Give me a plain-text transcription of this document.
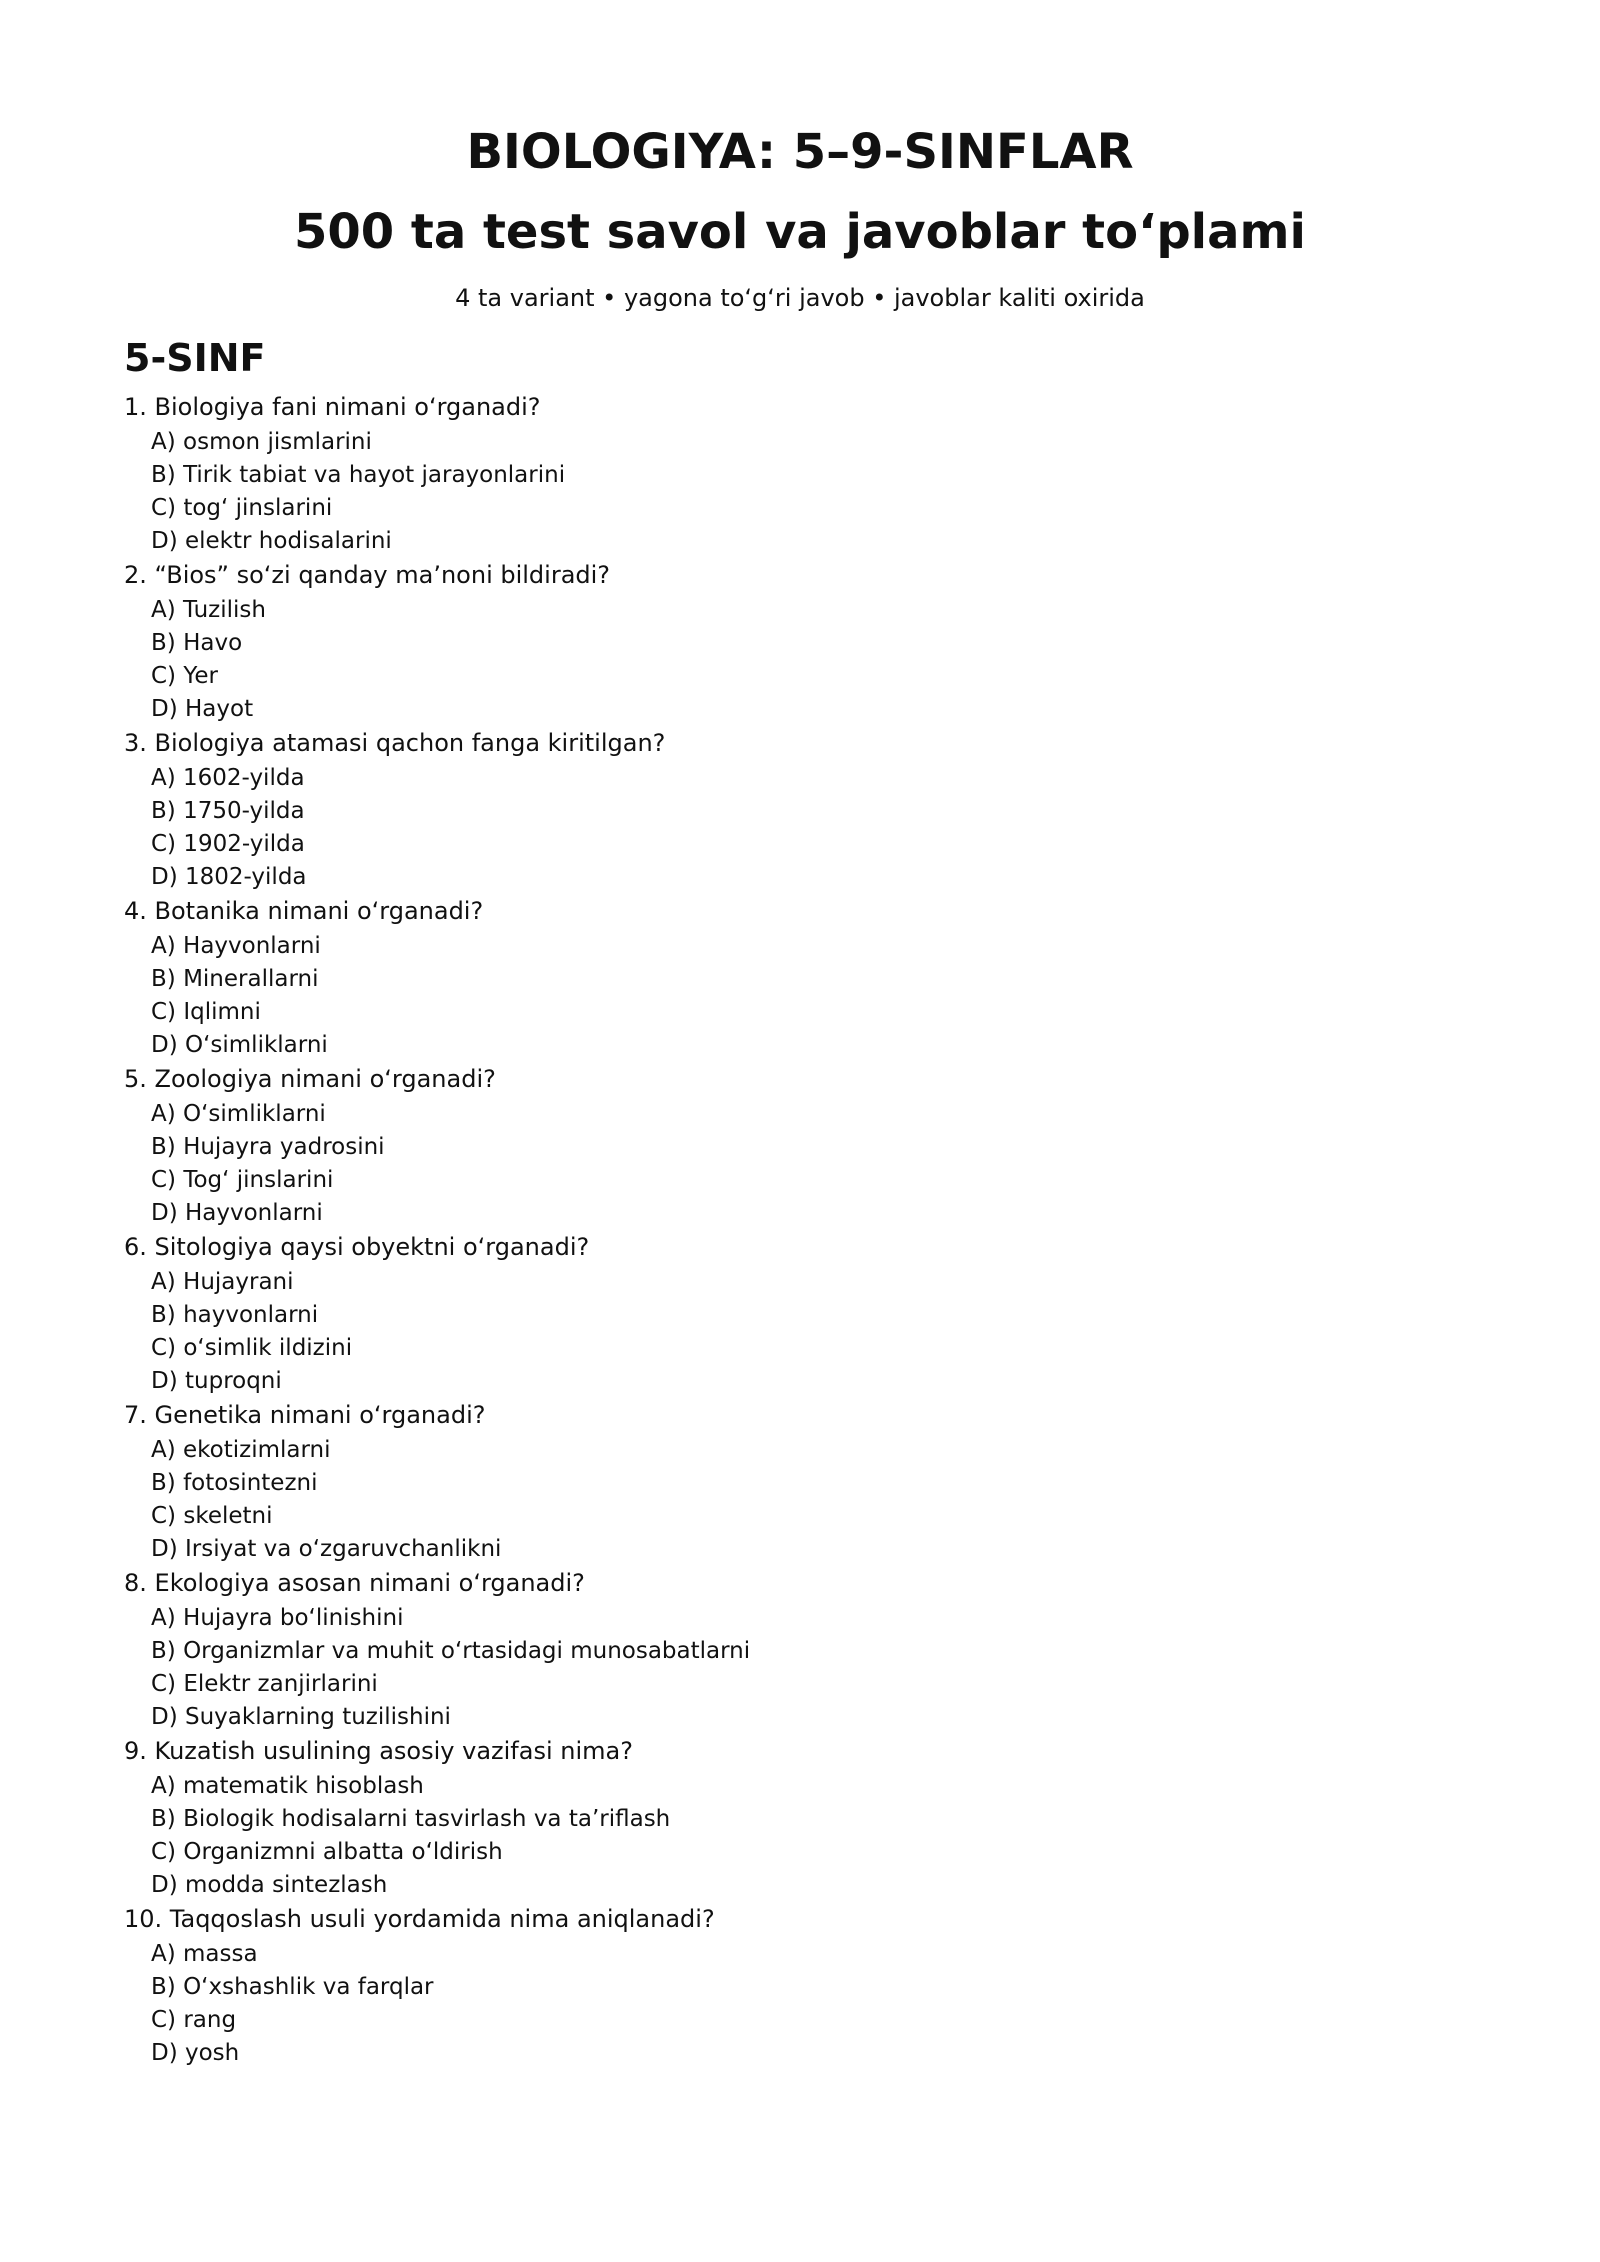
BIOLOGIYA: 5–9-SINFLAR
500 ta test savol va javoblar to‘plami
4 ta variant • yagona to‘g‘ri javob • javoblar kaliti oxirida
5-SINF
1. Biologiya fani nimani o‘rganadi?
A) osmon jismlarini
B) Tirik tabiat va hayot jarayonlarini
C) tog‘ jinslarini
D) elektr hodisalarini
2. “Bios” so‘zi qanday ma’noni bildiradi?
A) Tuzilish
B) Havo
C) Yer
D) Hayot
3. Biologiya atamasi qachon fanga kiritilgan?
A) 1602-yilda
B) 1750-yilda
C) 1902-yilda
D) 1802-yilda
4. Botanika nimani o‘rganadi?
A) Hayvonlarni
B) Minerallarni
C) Iqlimni
D) O‘simliklarni
5. Zoologiya nimani o‘rganadi?
A) O‘simliklarni
B) Hujayra yadrosini
C) Tog‘ jinslarini
D) Hayvonlarni
6. Sitologiya qaysi obyektni o‘rganadi?
A) Hujayrani
B) hayvonlarni
C) o‘simlik ildizini
D) tuproqni
7. Genetika nimani o‘rganadi?
A) ekotizimlarni
B) fotosintezni
C) skeletni
D) Irsiyat va o‘zgaruvchanlikni
8. Ekologiya asosan nimani o‘rganadi?
A) Hujayra bo‘linishini
B) Organizmlar va muhit o‘rtasidagi munosabatlarni
C) Elektr zanjirlarini
D) Suyaklarning tuzilishini
9. Kuzatish usulining asosiy vazifasi nima?
A) matematik hisoblash
B) Biologik hodisalarni tasvirlash va ta’riflash
C) Organizmni albatta o‘ldirish
D) modda sintezlash
10. Taqqoslash usuli yordamida nima aniqlanadi?
A) massa
B) O‘xshashlik va farqlar
C) rang
D) yosh
